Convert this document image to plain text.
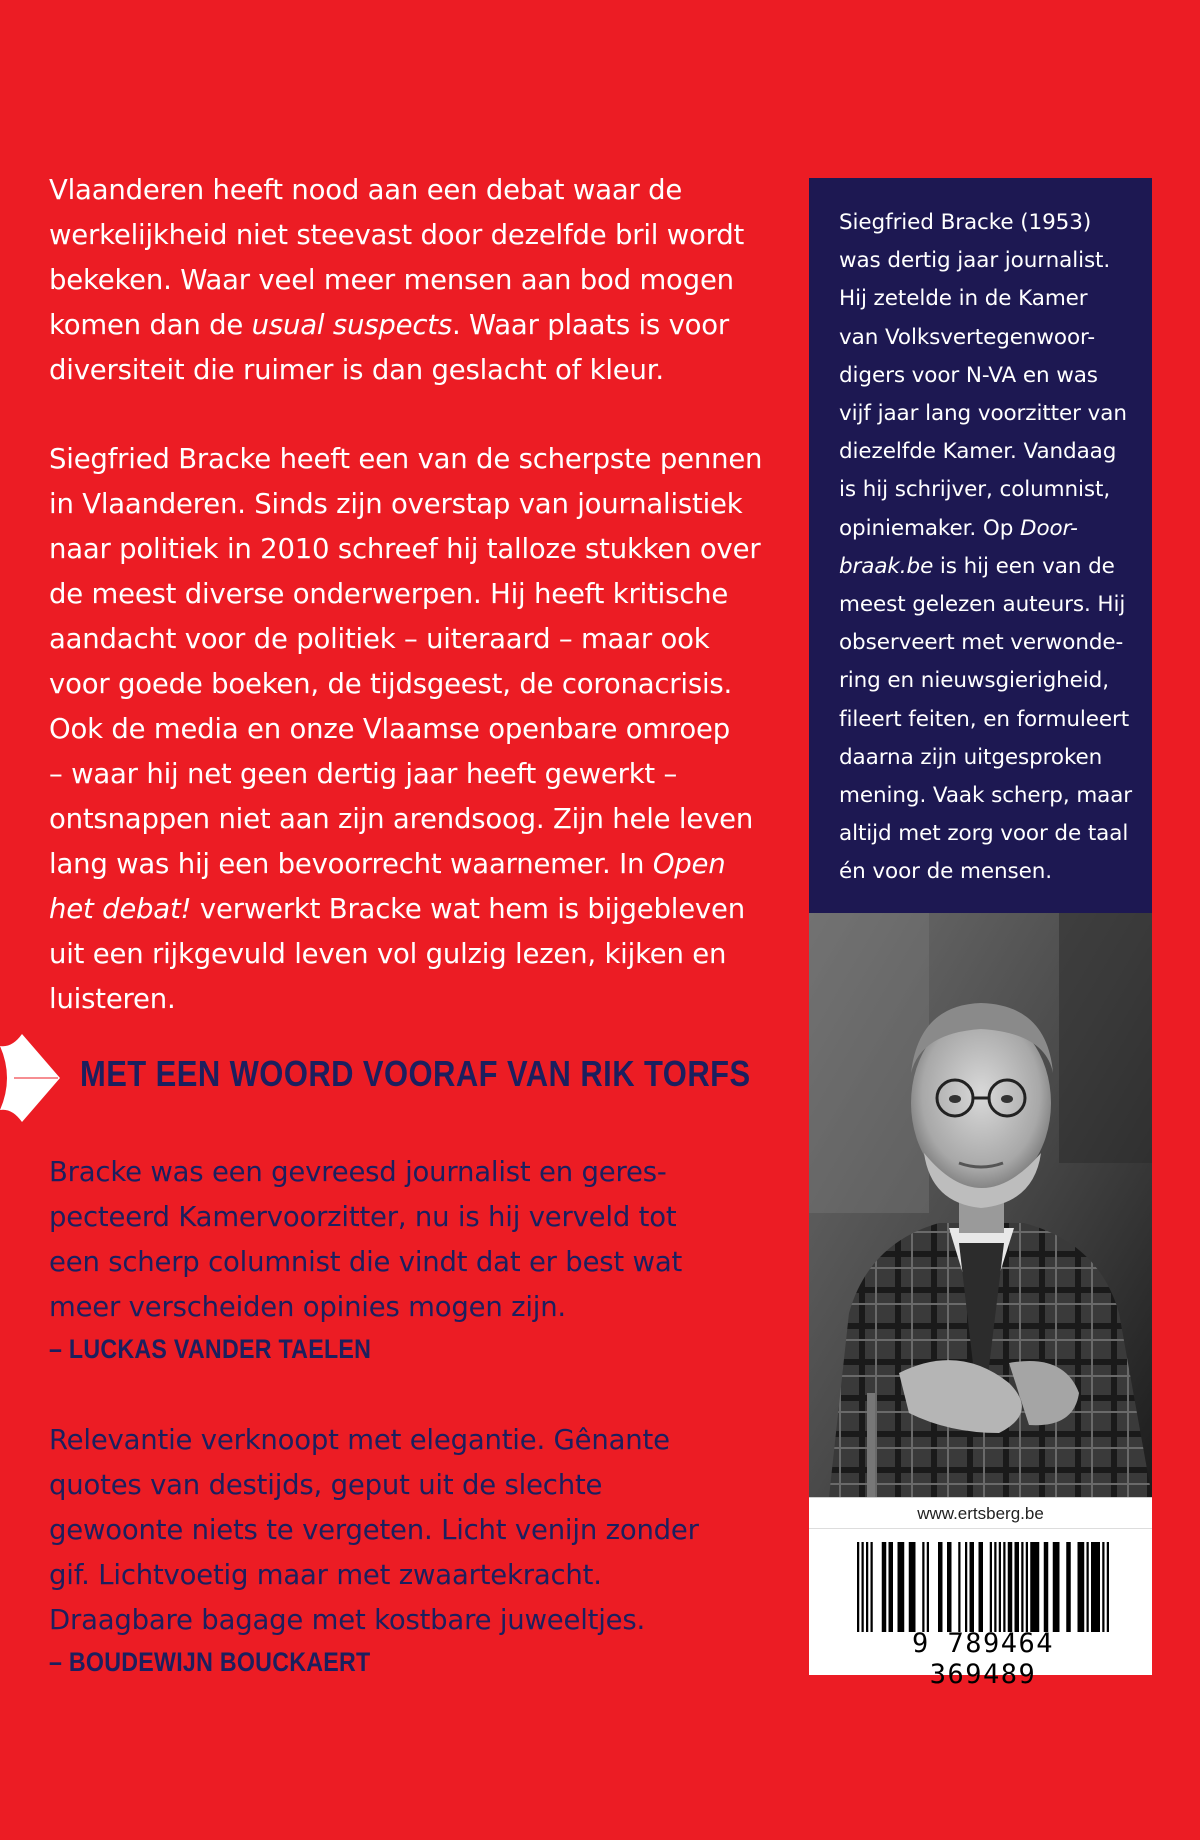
Vlaanderen heeft nood aan een debat waar de
werkelijkheid niet steevast door dezelfde bril wordt
bekeken. Waar veel meer mensen aan bod mogen
komen dan de usual suspects. Waar plaats is voor
diversiteit die ruimer is dan geslacht of kleur.
Siegfried Bracke heeft een van de scherpste pennen
in Vlaanderen. Sinds zijn overstap van journalistiek
naar politiek in 2010 schreef hij talloze stukken over
de meest diverse onderwerpen. Hij heeft kritische
aandacht voor de politiek – uiteraard – maar ook
voor goede boeken, de tijdsgeest, de coronacrisis.
Ook de media en onze Vlaamse openbare omroep
– waar hij net geen dertig jaar heeft gewerkt –
ontsnappen niet aan zijn arendsoog. Zijn hele leven
lang was hij een bevoorrecht waarnemer. In Open
het debat! verwerkt Bracke wat hem is bijgebleven
uit een rijkgevuld leven vol gulzig lezen, kijken en
luisteren.
MET EEN WOORD VOORAF VAN RIK TORFS
Bracke was een gevreesd journalist en geres-
pecteerd Kamervoorzitter, nu is hij verveld tot
een scherp columnist die vindt dat er best wat
meer verscheiden opinies mogen zijn.
– LUCKAS VANDER TAELEN
Relevantie verknoopt met elegantie. Gênante
quotes van destijds, geput uit de slechte
gewoonte niets te vergeten. Licht venijn zonder
gif. Lichtvoetig maar met zwaartekracht.
Draagbare bagage met kostbare juweeltjes.
– BOUDEWIJN BOUCKAERT
Siegfried Bracke (1953)
was dertig jaar journalist.
Hij zetelde in de Kamer
van Volksvertegenwoor-
digers voor N-VA en was
vijf jaar lang voorzitter van
diezelfde Kamer. Vandaag
is hij schrijver, columnist,
opiniemaker. Op Door-
braak.be is hij een van de
meest gelezen auteurs. Hij
observeert met verwonde-
ring en nieuwsgierigheid,
fileert feiten, en formuleert
daarna zijn uitgesproken
mening. Vaak scherp, maar
altijd met zorg voor de taal
én voor de mensen.
www.ertsberg.be
9 789464 369489
